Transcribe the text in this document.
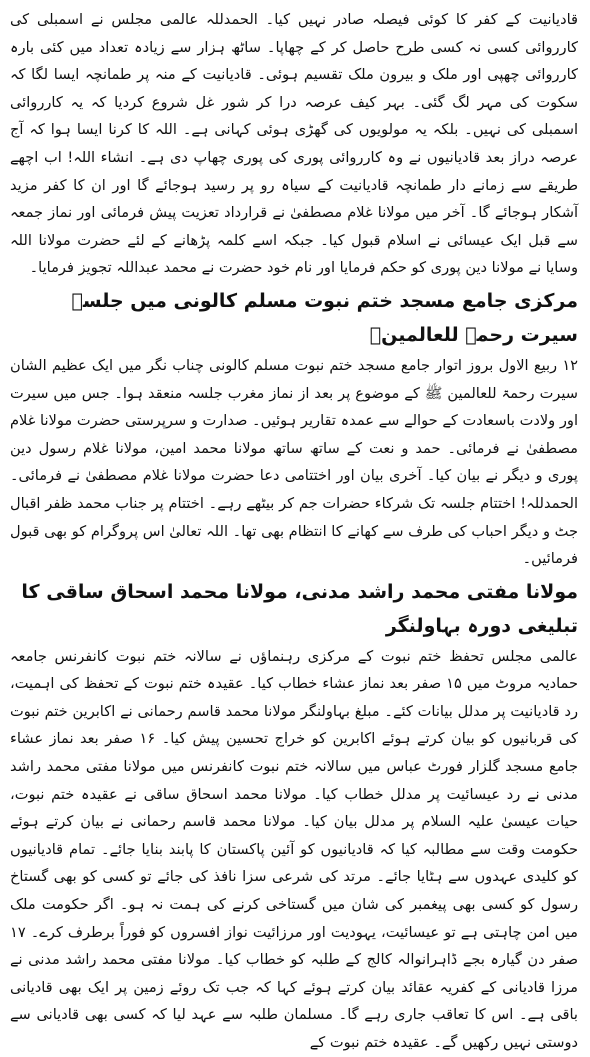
قادیانیت کے کفر کا کوئی فیصلہ صادر نہیں کیا۔ الحمدللہ عالمی مجلس نے اسمبلی کی کارروائی کسی نہ کسی طرح حاصل کر کے چھاپا۔ ساٹھ ہزار سے زیادہ تعداد میں کئی بارہ کارروائی چھپی اور ملک و بیرون ملک تقسیم ہوئی۔ قادیانیت کے منہ پر طمانچہ ایسا لگا کہ سکوت کی مہر لگ گئی۔ بہر کیف عرصہ درا کر شور غل شروع کردیا کہ یہ کارروائی اسمبلی کی نہیں۔ بلکہ یہ مولویوں کی گھڑی ہوئی کہانی ہے۔ اللہ کا کرنا ایسا ہوا کہ آج عرصہ دراز بعد قادیانیوں نے وہ کارروائی پوری کی پوری چھاپ دی ہے۔ انشاء اللہ! اب اچھے طریقے سے زمانے دار طمانچہ قادیانیت کے سیاہ رو پر رسید ہوجائے گا اور ان کا کفر مزید آشکار ہوجائے گا۔ آخر میں مولانا غلام مصطفیٰ نے قرارداد تعزیت پیش فرمائی اور نماز جمعہ سے قبل ایک عیسائی نے اسلام قبول کیا۔ جبکہ اسے کلمہ پڑھانے کے لئے حضرت مولانا اللہ وسایا نے مولانا دین پوری کو حکم فرمایا اور نام خود حضرت نے محمد عبداللہ تجویز فرمایا۔

مرکزی جامع مسجد ختم نبوت مسلم کالونی میں جلسہ سیرت رحمۃ للعالمینؐ

۱۲ ربیع الاول بروز اتوار جامع مسجد ختم نبوت مسلم کالونی چناب نگر میں ایک عظیم الشان سیرت رحمۃ للعالمین ﷺ کے موضوع پر بعد از نماز مغرب جلسہ منعقد ہوا۔ جس میں سیرت اور ولادت باسعادت کے حوالے سے عمدہ تقاریر ہوئیں۔ صدارت و سرپرستی حضرت مولانا غلام مصطفیٰ نے فرمائی۔ حمد و نعت کے ساتھ ساتھ مولانا محمد امین، مولانا غلام رسول دین پوری و دیگر نے بیان کیا۔ آخری بیان اور اختتامی دعا حضرت مولانا غلام مصطفیٰ نے فرمائی۔ الحمدللہ! اختتام جلسہ تک شرکاء حضرات جم کر بیٹھے رہے۔ اختتام پر جناب محمد ظفر اقبال جٹ و دیگر احباب کی طرف سے کھانے کا انتظام بھی تھا۔ اللہ تعالیٰ اس پروگرام کو بھی قبول فرمائیں۔

مولانا مفتی محمد راشد مدنی، مولانا محمد اسحاق ساقی کا تبلیغی دورہ بہاولنگر

عالمی مجلس تحفظ ختم نبوت کے مرکزی رہنماؤں نے سالانہ ختم نبوت کانفرنس جامعہ حمادیہ مروٹ میں ۱۵ صفر بعد نماز عشاء خطاب کیا۔ عقیدہ ختم نبوت کے تحفظ کی اہمیت، رد قادیانیت پر مدلل بیانات کئے۔ مبلغ بہاولنگر مولانا محمد قاسم رحمانی نے اکابرین ختم نبوت کی قربانیوں کو بیان کرتے ہوئے اکابرین کو خراج تحسین پیش کیا۔ ۱۶ صفر بعد نماز عشاء جامع مسجد گلزار فورٹ عباس میں سالانہ ختم نبوت کانفرنس میں مولانا مفتی محمد راشد مدنی نے رد عیسائیت پر مدلل خطاب کیا۔ مولانا محمد اسحاق ساقی نے عقیدہ ختم نبوت، حیات عیسیٰ علیہ السلام پر مدلل بیان کیا۔ مولانا محمد قاسم رحمانی نے بیان کرتے ہوئے حکومت وقت سے مطالبہ کیا کہ قادیانیوں کو آئین پاکستان کا پابند بنایا جائے۔ تمام قادیانیوں کو کلیدی عہدوں سے ہٹایا جائے۔ مرتد کی شرعی سزا نافذ کی جائے تو کسی کو بھی گستاخ رسول کو کسی بھی پیغمبر کی شان میں گستاخی کرنے کی ہمت نہ ہو۔ اگر حکومت ملک میں امن چاہتی ہے تو عیسائیت، یہودیت اور مرزائیت نواز افسروں کو فوراً برطرف کرے۔ ۱۷ صفر دن گیارہ بجے ڈاہرانوالہ کالج کے طلبہ کو خطاب کیا۔ مولانا مفتی محمد راشد مدنی نے مرزا قادیانی کے کفریہ عقائد بیان کرتے ہوئے کہا کہ جب تک روئے زمین پر ایک بھی قادیانی باقی ہے۔ اس کا تعاقب جاری رہے گا۔ مسلمان طلبہ سے عہد لیا کہ کسی بھی قادیانی سے دوستی نہیں رکھیں گے۔ عقیدہ ختم نبوت کے
